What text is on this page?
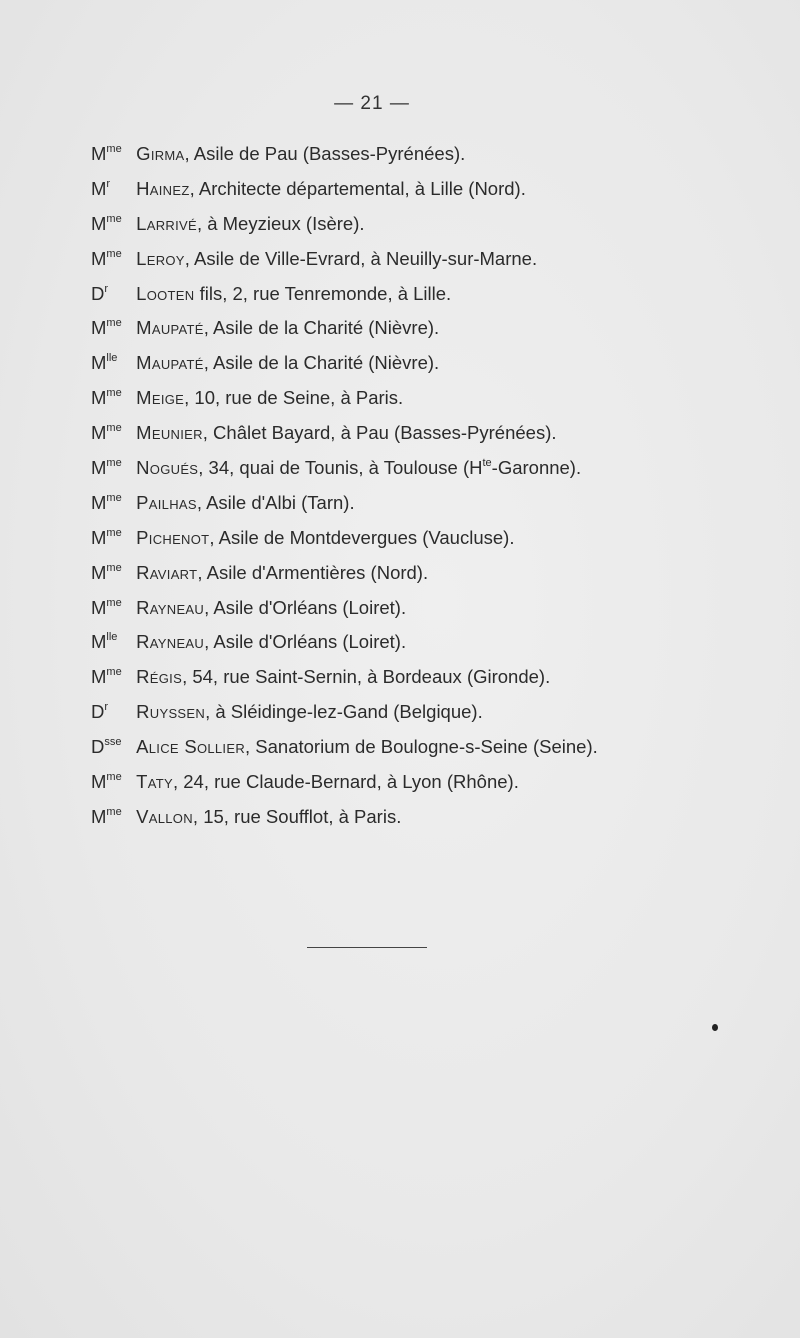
— 21 —
$M^{me}$ Girma, Asile de Pau (Basses-Pyrénées).
$M^r$ Hainez, Architecte départemental, à Lille (Nord).
$M^{me}$ Larrivé, à Meyzieux (Isère).
$M^{me}$ Leroy, Asile de Ville-Evrard, à Neuilly-sur-Marne.
$D^r$ Looten fils, 2, rue Tenremonde, à Lille.
$M^{me}$ Maupaté, Asile de la Charité (Nièvre).
$M^{lle}$ Maupaté, Asile de la Charité (Nièvre).
$M^{me}$ Meige, 10, rue de Seine, à Paris.
$M^{me}$ Meunier, Châlet Bayard, à Pau (Basses-Pyrénées).
$M^{me}$ Nogués, 34, quai de Tounis, à Toulouse $(H^{te}-Garonne)$.
$M^{me}$ Pailhas, Asile d'Albi (Tarn).
$M^{me}$ Pichenot, Asile de Montdevergues (Vaucluse).
$M^{me}$ Raviart, Asile d'Armentières (Nord).
$M^{me}$ Rayneau, Asile d'Orléans (Loiret).
$M^{lle}$ Rayneau, Asile d'Orléans (Loiret).
$M^{me}$ Régis, 54, rue Saint-Sernin, à Bordeaux (Gironde).
$D^r$ Ruyssen, à Sléidinge-lez-Gand (Belgique).
$D^{sse}$ Alice Sollier, Sanatorium de Boulogne-s-Seine (Seine).
$M^{me}$ Taty, 24, rue Claude-Bernard, à Lyon (Rhône).
$M^{me}$ Vallon, 15, rue Soufflot, à Paris.
